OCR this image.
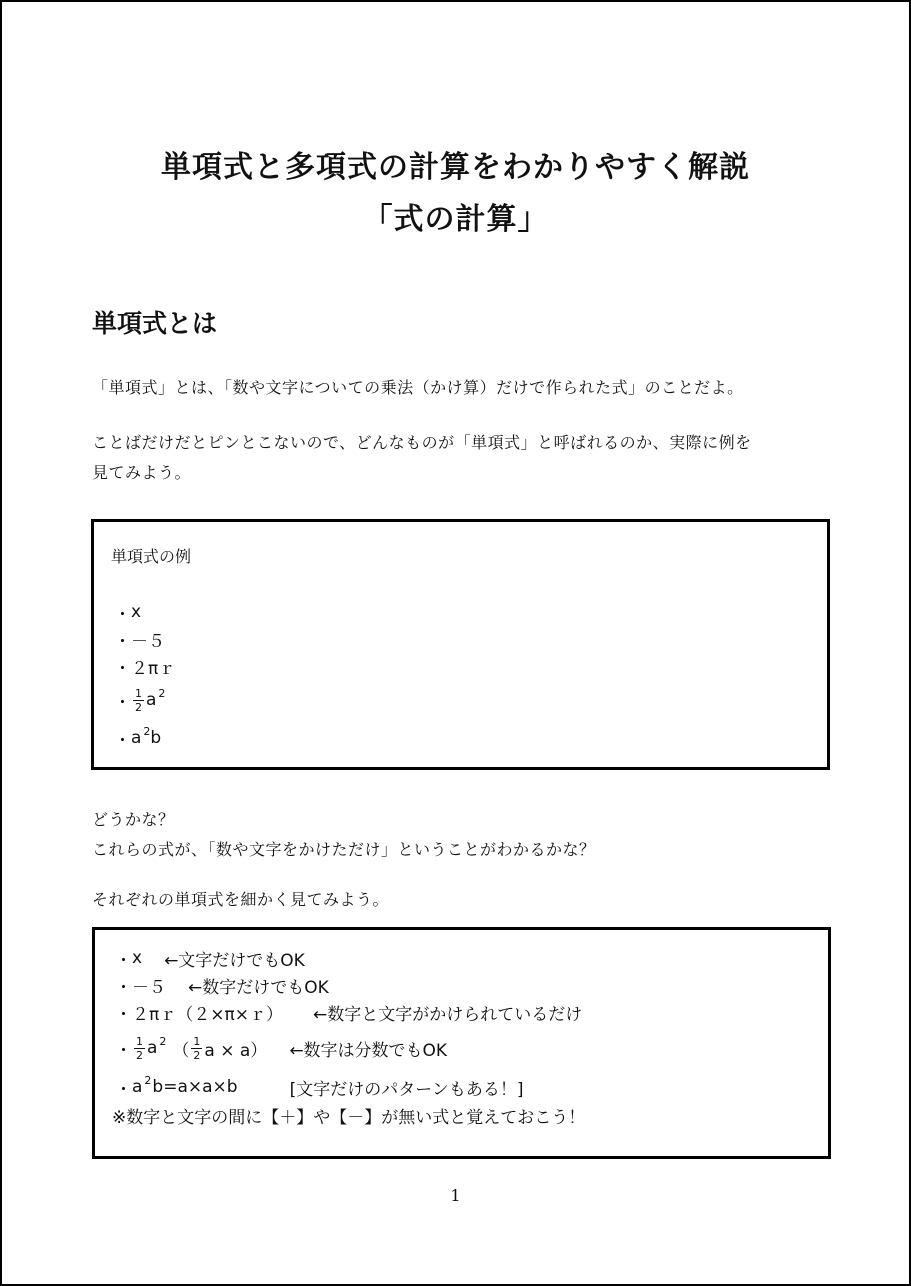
単項式と多項式の計算をわかりやすく解説
「式の計算」
単項式とは
「単項式」とは、「数や文字についての乗法（かけ算）だけで作られた式」のことだよ。
ことばだけだとピンとこないので、どんなものが「単項式」と呼ばれるのか、実際に例を
見てみよう。
単項式の例
・ x
・ －５
・ ２πｒ
・ $\frac{1}{2}$ a 2
・ a 2 b
どうかな？
これらの式が、「数や文字をかけただけ」ということがわかるかな？
それぞれの単項式を細かく見てみよう。
・ x ←文字だけでもOK
・ －５ ←数字だけでもOK
・ ２πｒ（２×π×ｒ） ←数字と文字がかけられているだけ
・ $\frac{1}{2}$ a 2 （ $\frac{1}{2}$ a × a） ←数字は分数でもOK
・ a 2 b=a×a×b	[文字だけのパターンもある！]
※数字と文字の間に【＋】や【－】が無い式と覚えておこう！
1
